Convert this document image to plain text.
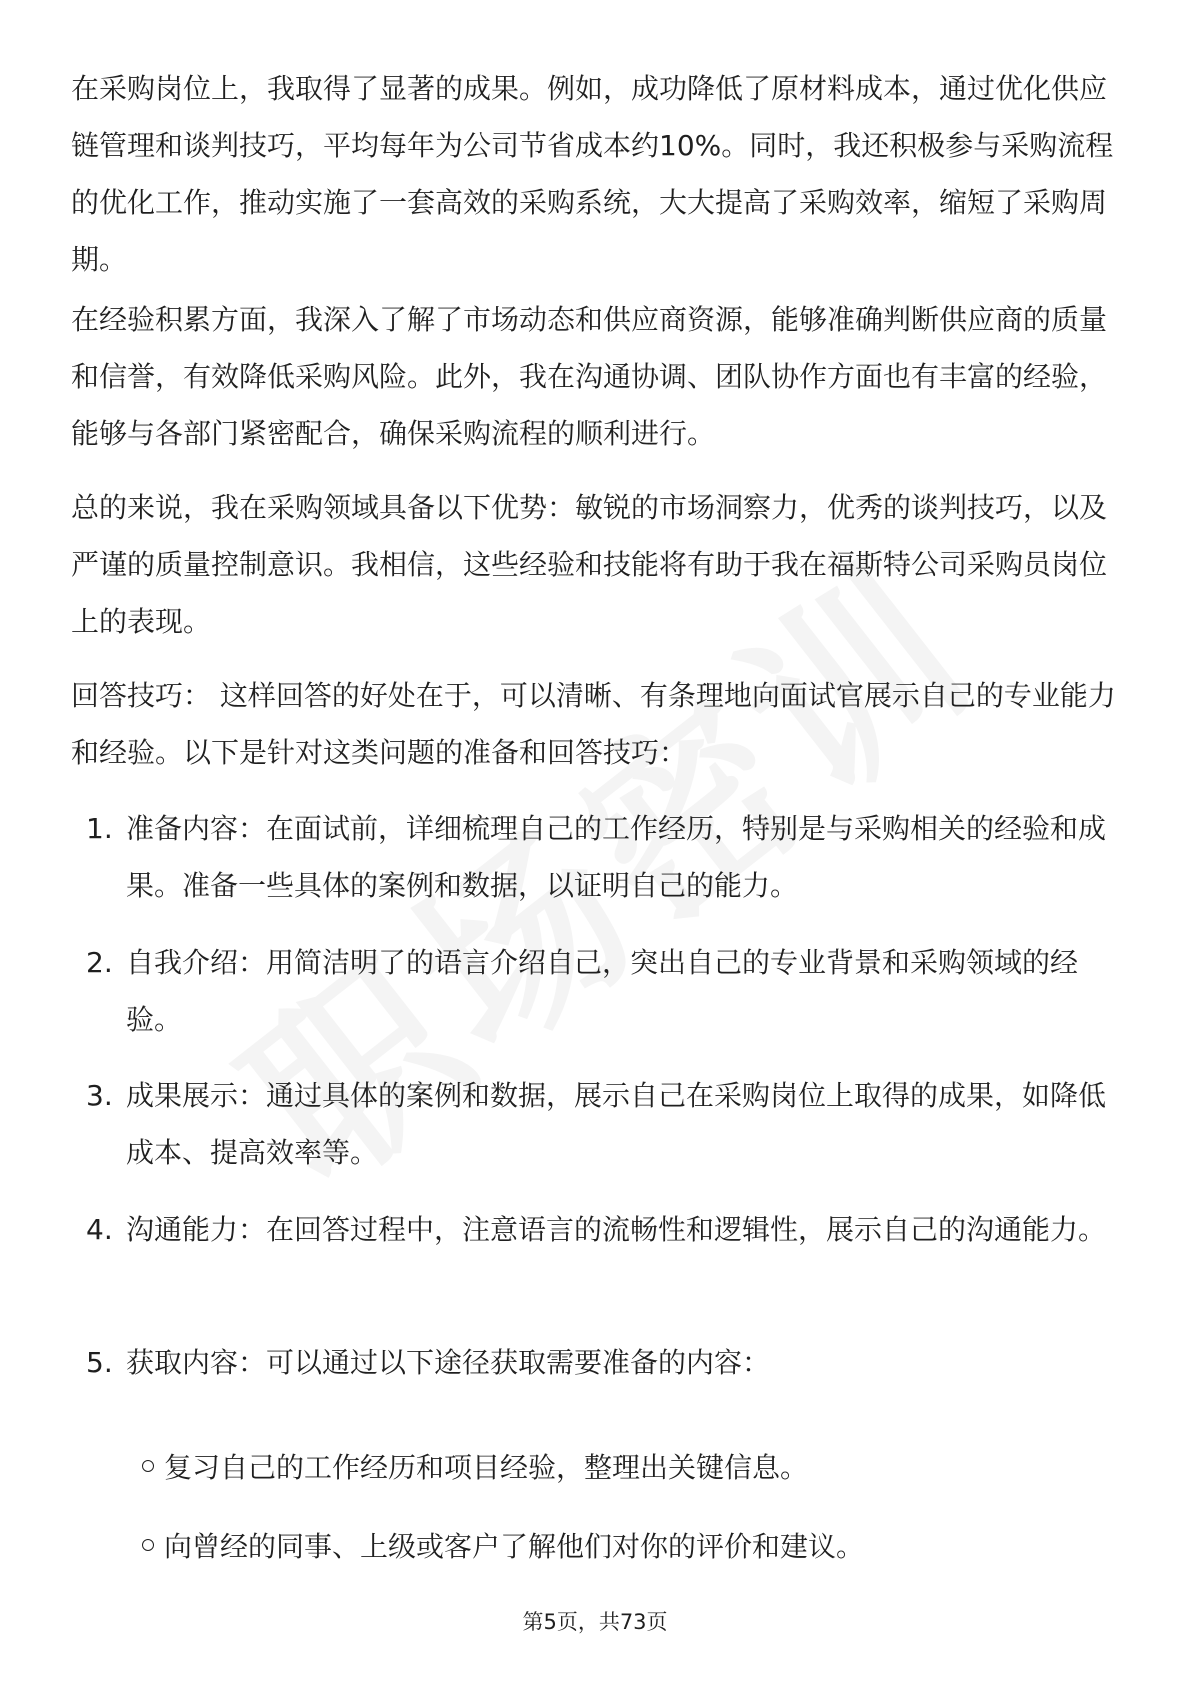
在采购岗位上，我取得了显著的成果。例如，成功降低了原材料成本，通过优化供应链管理和谈判技巧，平均每年为公司节省成本约10%。同时，我还积极参与采购流程的优化工作，推动实施了一套高效的采购系统，大大提高了采购效率，缩短了采购周期。

在经验积累方面，我深入了解了市场动态和供应商资源，能够准确判断供应商的质量和信誉，有效降低采购风险。此外，我在沟通协调、团队协作方面也有丰富的经验，能够与各部门紧密配合，确保采购流程的顺利进行。

总的来说，我在采购领域具备以下优势：敏锐的市场洞察力，优秀的谈判技巧，以及严谨的质量控制意识。我相信，这些经验和技能将有助于我在福斯特公司采购员岗位上的表现。

回答技巧： 这样回答的好处在于，可以清晰、有条理地向面试官展示自己的专业能力和经验。以下是针对这类问题的准备和回答技巧：

1. 准备内容：在面试前，详细梳理自己的工作经历，特别是与采购相关的经验和成果。准备一些具体的案例和数据，以证明自己的能力。
2. 自我介绍：用简洁明了的语言介绍自己，突出自己的专业背景和采购领域的经验。
3. 成果展示：通过具体的案例和数据，展示自己在采购岗位上取得的成果，如降低成本、提高效率等。
4. 沟通能力：在回答过程中，注意语言的流畅性和逻辑性，展示自己的沟通能力。
5. 获取内容：可以通过以下途径获取需要准备的内容：
复习自己的工作经历和项目经验，整理出关键信息。
向曾经的同事、上级或客户了解他们对你的评价和建议。
第5页，共73页
